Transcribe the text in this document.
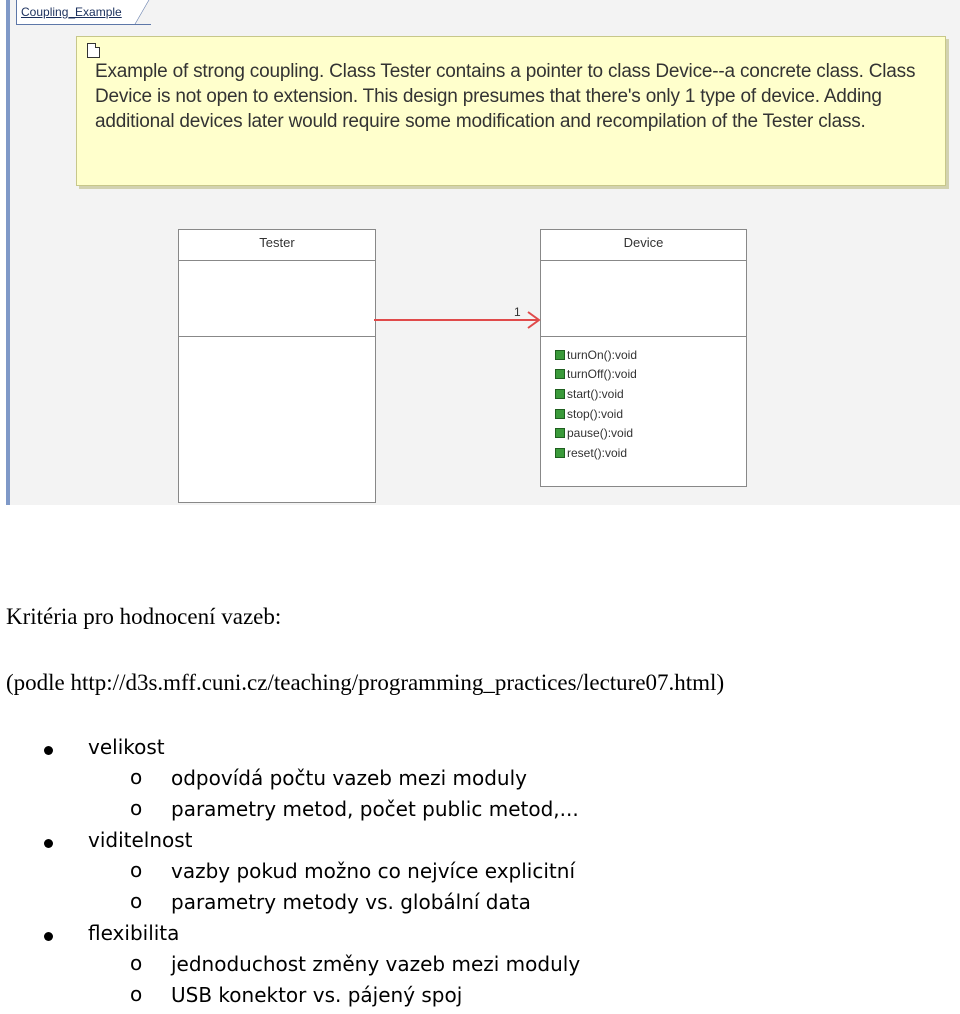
Coupling_Example
Example of strong coupling. Class Tester contains a pointer to class Device--a concrete class. Class Device is not open to extension. This design presumes that there's only 1 type of device. Adding additional devices later would require some modification and recompilation of the Tester class.
Tester	Device
turnOn():void
turnOff():void
start():void
stop():void
pause():void
reset():void
1
Kritéria pro hodnocení vazeb:
(podle http://d3s.mff.cuni.cz/teaching/programming_practices/lecture07.html)
velikost
o odpovídá počtu vazeb mezi moduly
o parametry metod, počet public metod,...
viditelnost
o vazby pokud možno co nejvíce explicitní
o parametry metody vs. globální data
flexibilita
o jednoduchost změny vazeb mezi moduly
o USB konektor vs. pájený spoj
